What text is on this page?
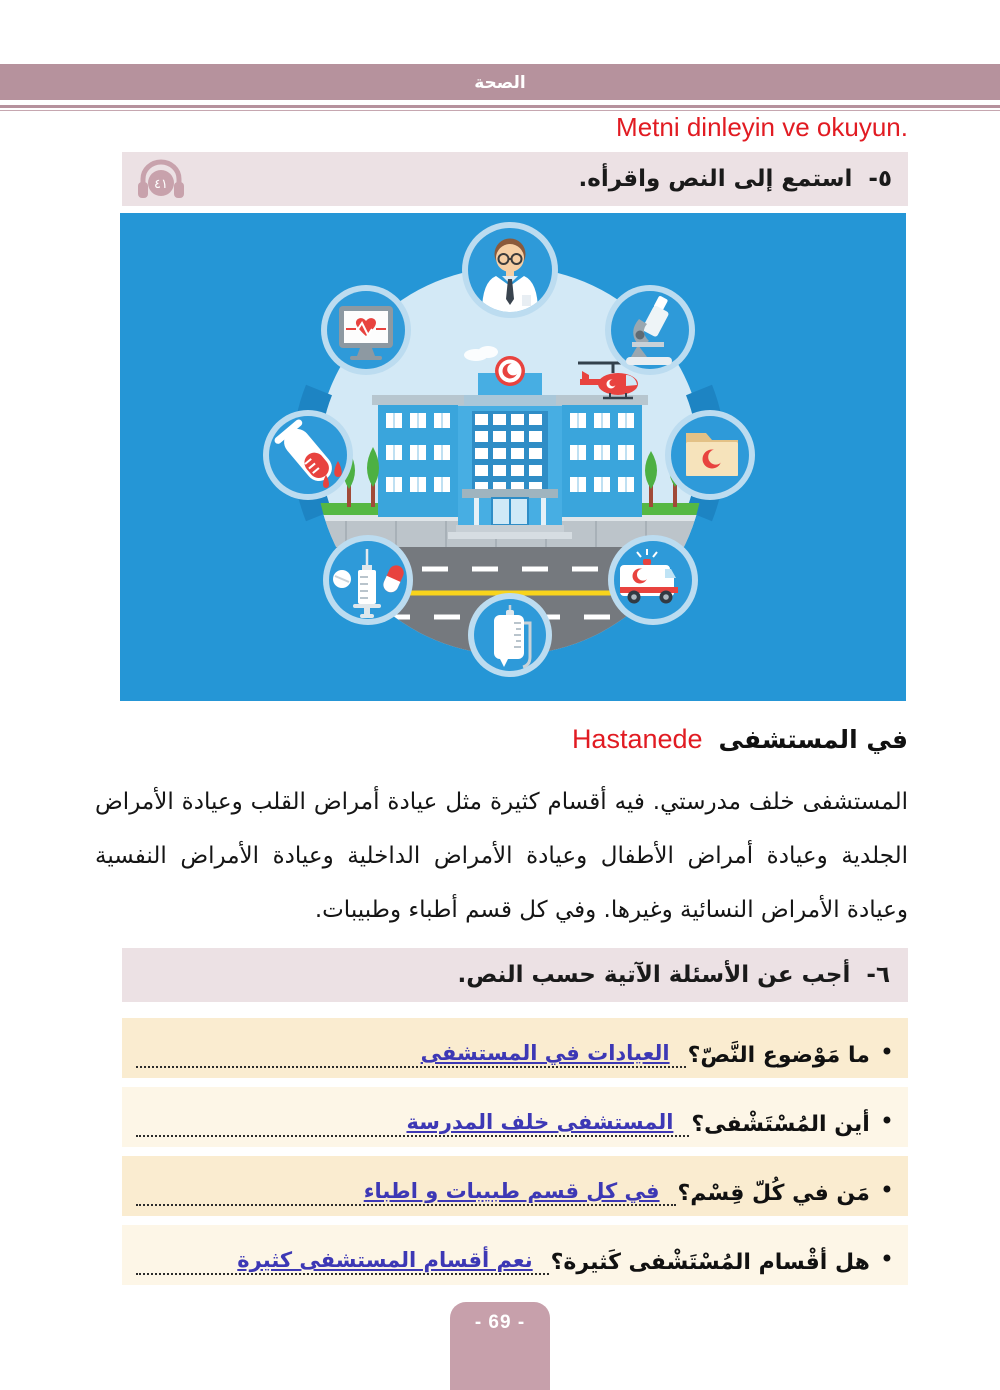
الصحة
Metni dinleyin ve okuyun.
٤١	٥-
استمع إلى النص واقرأه.
في المستشفى
Hastanede

المستشفى خلف مدرستي. فيه أقسام كثيرة مثل عيادة أمراض القلب وعيادة الأمراض الجلدية وعيادة أمراض الأطفال وعيادة الأمراض الداخلية وعيادة الأمراض النفسية وعيادة الأمراض النسائية وغيرها. وفي كل قسم أطباء وطبيبات.

٦-
أجب عن الأسئلة الآتية حسب النص.
•
ما مَوْضوع النَّصّ؟
العيادات في المستشفى
•
أين المُسْتَشْفى؟
المستشفى خلف المدرسة
•
مَن في كُلّ قِسْم؟
في كل قسم طبيبات و اطباء
•
هل أقْسام المُسْتَشْفى كَثيرة؟
نعم أقسام المستشفى كثيرة
- 69 -
